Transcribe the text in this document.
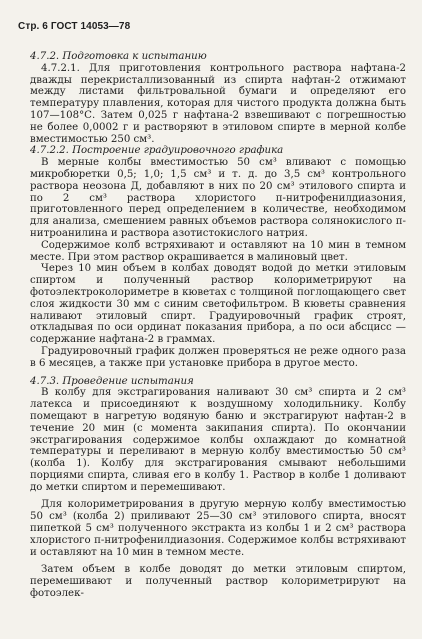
Стр. 6 ГОСТ 14053—78

4.7.2. Подготовка к испытанию

4.7.2.1. Для приготовления контрольного раствора нафтана-2 дважды перекристаллизованный из спирта нафтан-2 отжимают между листами фильтровальной бумаги и определяют его температуру плавления, которая для чистого продукта должна быть 107—108°С. Затем 0,025 г нафтана-2 взвешивают с погрешностью не более 0,0002 г и растворяют в этиловом спирте в мерной колбе вместимостью 250 см³.

4.7.2.2. Построение градуировочного графика

В мерные колбы вместимостью 50 см³ вливают с помощью микробюретки 0,5; 1,0; 1,5 см³ и т. д. до 3,5 см³ контрольного раствора неозона Д, добавляют в них по 20 см³ этилового спирта и по 2 см³ раствора хлористого п-нитрофенилдиазония, приготовленного перед определением в количестве, необходимом для анализа, смешением равных объемов раствора солянокислого п-нитроанилина и раствора азотистокислого натрия.

Содержимое колб встряхивают и оставляют на 10 мин в темном месте. При этом раствор окрашивается в малиновый цвет.

Через 10 мин объем в колбах доводят водой до метки этиловым спиртом и полученный раствор колориметрируют на фотоэлектроколориметре в кюветах с толщиной поглощающего свет слоя жидкости 30 мм с синим светофильтром. В кюветы сравнения наливают этиловый спирт. Градуировочный график строят, откладывая по оси ординат показания прибора, а по оси абсцисс — содержание нафтана-2 в граммах.

Градуировочный график должен проверяться не реже одного раза в 6 месяцев, а также при установке прибора в другое место.

4.7.3. Проведение испытания

В колбу для экстрагирования наливают 30 см³ спирта и 2 см³ латекса и присоединяют к воздушному холодильнику. Колбу помещают в нагретую водяную баню и экстрагируют нафтан-2 в течение 20 мин (с момента закипания спирта). По окончании экстрагирования содержимое колбы охлаждают до комнатной температуры и переливают в мерную колбу вместимостью 50 см³ (колба 1). Колбу для экстрагирования смывают небольшими порциями спирта, сливая его в колбу 1. Раствор в колбе 1 доливают до метки спиртом и перемешивают.

Для колориметрирования в другую мерную колбу вместимостью 50 см³ (колба 2) приливают 25—30 см³ этилового спирта, вносят пипеткой 5 см³ полученного экстракта из колбы 1 и 2 см³ раствора хлористого п-нитрофенилдиазония. Содержимое колбы встряхивают и оставляют на 10 мин в темном месте.

Затем объем в колбе доводят до метки этиловым спиртом, перемешивают и полученный раствор колориметрируют на фотоэлек-
